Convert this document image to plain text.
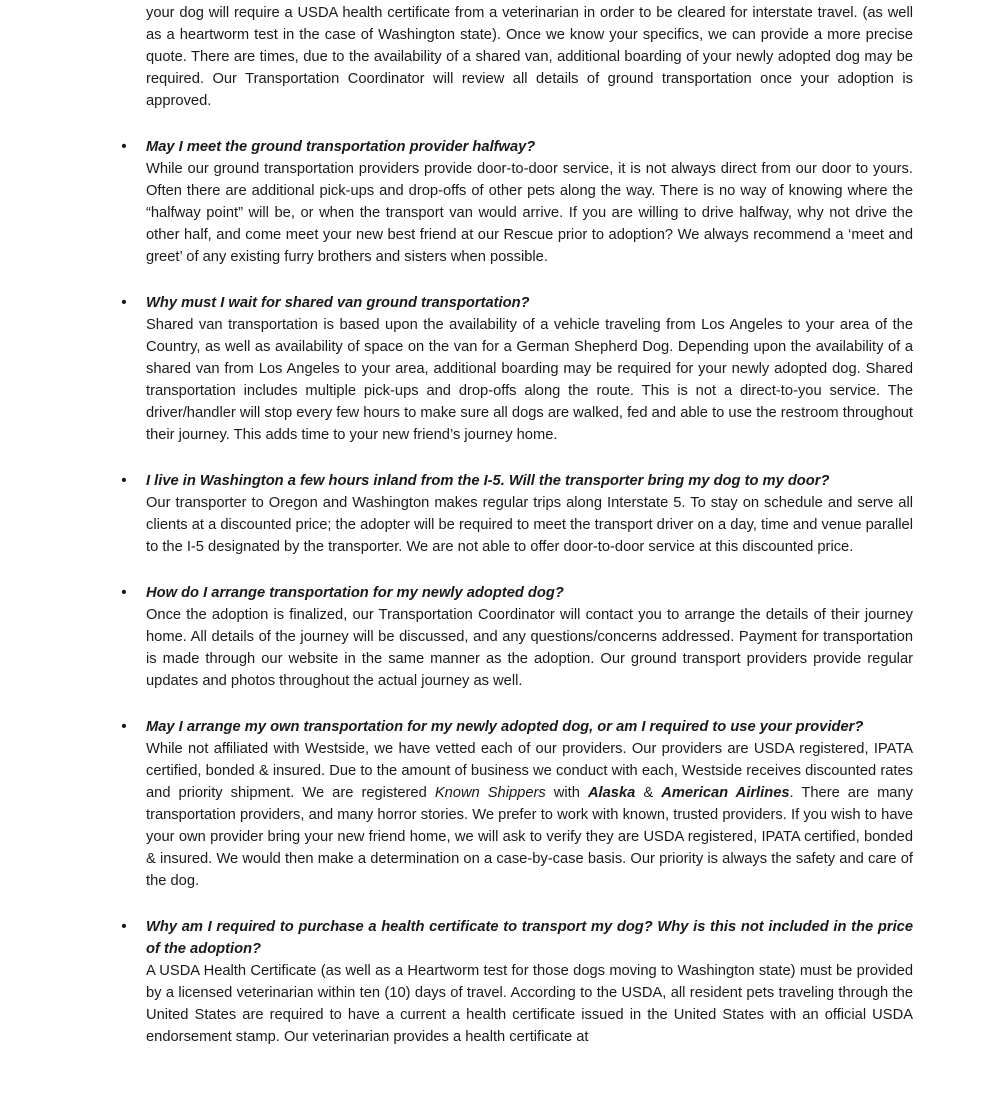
your dog will require a USDA health certificate from a veterinarian in order to be cleared for interstate travel. (as well as a heartworm test in the case of Washington state). Once we know your specifics, we can provide a more precise quote. There are times, due to the availability of a shared van, additional boarding of your newly adopted dog may be required. Our Transportation Coordinator will review all details of ground transportation once your adoption is approved.

• May I meet the ground transportation provider halfway?

While our ground transportation providers provide door-to-door service, it is not always direct from our door to yours. Often there are additional pick-ups and drop-offs of other pets along the way. There is no way of knowing where the “halfway point” will be, or when the transport van would arrive. If you are willing to drive halfway, why not drive the other half, and come meet your new best friend at our Rescue prior to adoption? We always recommend a ‘meet and greet’ of any existing furry brothers and sisters when possible.

• Why must I wait for shared van ground transportation?

Shared van transportation is based upon the availability of a vehicle traveling from Los Angeles to your area of the Country, as well as availability of space on the van for a German Shepherd Dog. Depending upon the availability of a shared van from Los Angeles to your area, additional boarding may be required for your newly adopted dog. Shared transportation includes multiple pick-ups and drop-offs along the route. This is not a direct-to-you service. The driver/handler will stop every few hours to make sure all dogs are walked, fed and able to use the restroom throughout their journey. This adds time to your new friend’s journey home.

• I live in Washington a few hours inland from the I-5. Will the transporter bring my dog to my door?

Our transporter to Oregon and Washington makes regular trips along Interstate 5. To stay on schedule and serve all clients at a discounted price; the adopter will be required to meet the transport driver on a day, time and venue parallel to the I-5 designated by the transporter. We are not able to offer door-to-door service at this discounted price.

• How do I arrange transportation for my newly adopted dog?

Once the adoption is finalized, our Transportation Coordinator will contact you to arrange the details of their journey home. All details of the journey will be discussed, and any questions/concerns addressed. Payment for transportation is made through our website in the same manner as the adoption. Our ground transport providers provide regular updates and photos throughout the actual journey as well.

• May I arrange my own transportation for my newly adopted dog, or am I required to use your provider?

While not affiliated with Westside, we have vetted each of our providers. Our providers are USDA registered, IPATA certified, bonded & insured. Due to the amount of business we conduct with each, Westside receives discounted rates and priority shipment. We are registered Known Shippers with Alaska & American Airlines. There are many transportation providers, and many horror stories. We prefer to work with known, trusted providers. If you wish to have your own provider bring your new friend home, we will ask to verify they are USDA registered, IPATA certified, bonded & insured. We would then make a determination on a case-by-case basis. Our priority is always the safety and care of the dog.

• Why am I required to purchase a health certificate to transport my dog? Why is this not included in the price of the adoption?

A USDA Health Certificate (as well as a Heartworm test for those dogs moving to Washington state) must be provided by a licensed veterinarian within ten (10) days of travel. According to the USDA, all resident pets traveling through the United States are required to have a current a health certificate issued in the United States with an official USDA endorsement stamp. Our veterinarian provides a health certificate at
